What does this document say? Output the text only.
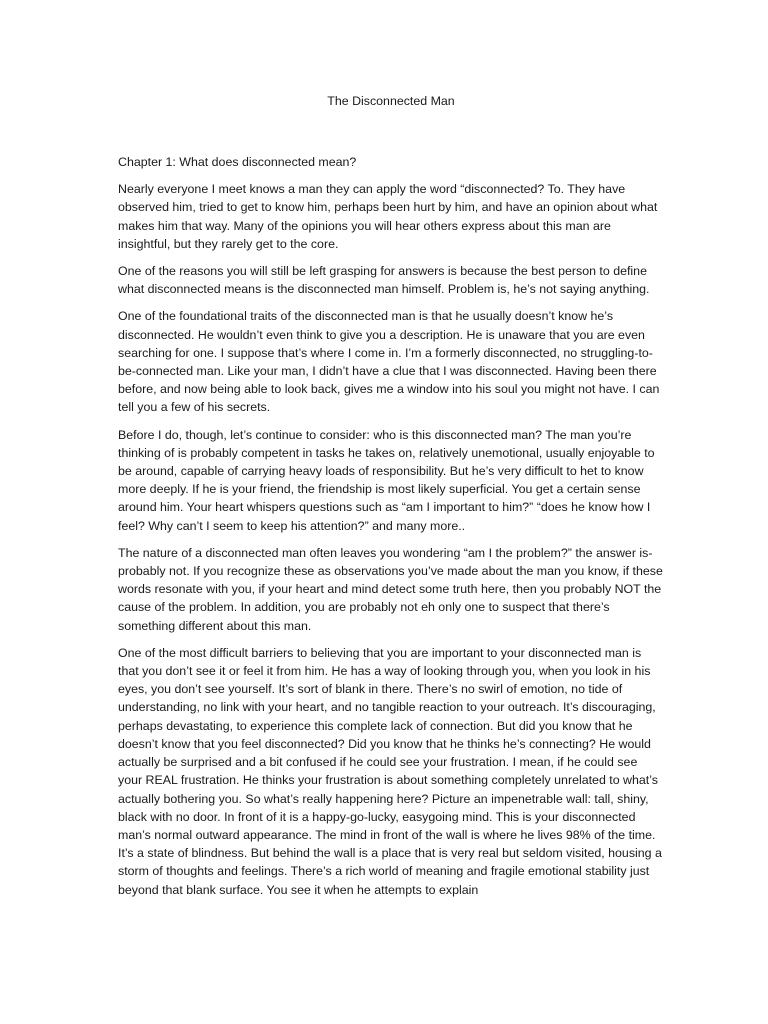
The Disconnected Man

Chapter 1: What does disconnected mean?

Nearly everyone I meet knows a man they can apply the word “disconnected? To. They have observed him, tried to get to know him, perhaps been hurt by him, and have an opinion about what makes him that way. Many of the opinions you will hear others express about this man are insightful, but they rarely get to the core.

One of the reasons you will still be left grasping for answers is because the best person to define what disconnected means is the disconnected man himself. Problem is, he’s not saying anything.

One of the foundational traits of the disconnected man is that he usually doesn’t know he’s disconnected. He wouldn’t even think to give you a description. He is unaware that you are even searching for one. I suppose that’s where I come in. I’m a formerly disconnected, no struggling-to-be-connected man. Like your man, I didn’t have a clue that I was disconnected. Having been there before, and now being able to look back, gives me a window into his soul you might not have. I can tell you a few of his secrets.

Before I do, though, let’s continue to consider: who is this disconnected man? The man you’re thinking of is probably competent in tasks he takes on, relatively unemotional, usually enjoyable to be around, capable of carrying heavy loads of responsibility. But he’s very difficult to het to know more deeply. If he is your friend, the friendship is most likely superficial. You get a certain sense around him. Your heart whispers questions such as “am I important to him?” “does he know how I feel? Why can’t I seem to keep his attention?” and many more..

The nature of a disconnected man often leaves you wondering “am I the problem?” the answer is- probably not. If you recognize these as observations you’ve made about the man you know, if these words resonate with you, if your heart and mind detect some truth here, then you probably NOT the cause of the problem. In addition, you are probably not eh only one to suspect that there’s something different about this man.

One of the most difficult barriers to believing that you are important to your disconnected man is that you don’t see it or feel it from him. He has a way of looking through you, when you look in his eyes, you don’t see yourself. It’s sort of blank in there. There’s no swirl of emotion, no tide of understanding, no link with your heart, and no tangible reaction to your outreach. It’s discouraging, perhaps devastating, to experience this complete lack of connection. But did you know that he doesn’t know that you feel disconnected? Did you know that he thinks he’s connecting? He would actually be surprised and a bit confused if he could see your frustration. I mean, if he could see your REAL frustration. He thinks your frustration is about something completely unrelated to what’s actually bothering you. So what’s really happening here? Picture an impenetrable wall: tall, shiny, black with no door. In front of it is a happy-go-lucky, easygoing mind. This is your disconnected man’s normal outward appearance. The mind in front of the wall is where he lives 98% of the time. It’s a state of blindness. But behind the wall is a place that is very real but seldom visited, housing a storm of thoughts and feelings. There’s a rich world of meaning and fragile emotional stability just beyond that blank surface. You see it when he attempts to explain
